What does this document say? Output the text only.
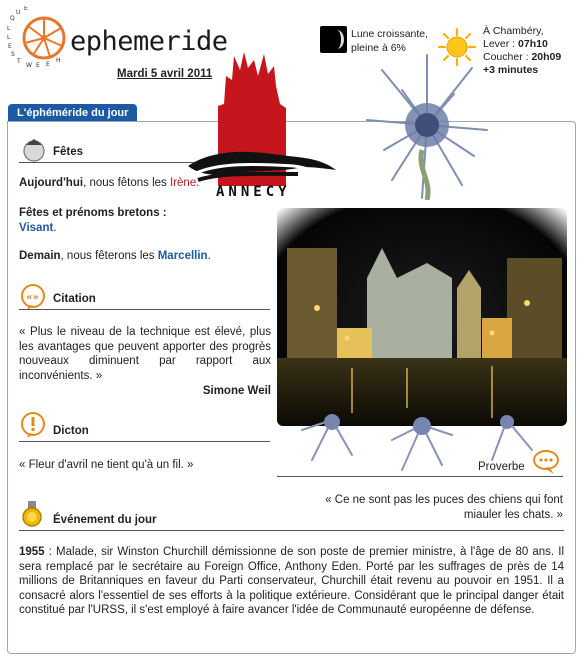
Q
U
E
L
L
E
S
T
W E E
H
ephemeride
Mardi 5 avril 2011
Lune croissante,
pleine à 6%
À Chambéry,
Lever : 07h10
Coucher : 20h09
+3 minutes
L'éphéméride du jour
Fêtes
Aujourd'hui, nous fêtons les Irène.
Fêtes et prénoms bretons :
Visant.
Demain, nous fêterons les Marcellin.
«» Citation
« Plus le niveau de la technique est élevé, plus les avantages que peuvent apporter des progrès nouveaux diminuent par rapport aux inconvénients. »
Simone Weil
Dicton
« Fleur d'avril ne tient qu'à un fil. »	Proverbe
« Ce ne sont pas les puces des chiens qui font
miauler les chats. »
Événement du jour
1955 : Malade, sir Winston Churchill démissionne de son poste de premier ministre, à l'âge de 80 ans. Il sera remplacé par le secrétaire au Foreign Office, Anthony Eden. Porté par les suffrages de près de 14 millions de Britanniques en faveur du Parti conservateur, Churchill était revenu au pouvoir en 1951. Il a consacré alors l'essentiel de ses efforts à la politique extérieure. Considérant que le principal danger était constitué par l'URSS, il s'est employé à faire avancer l'idée de Communauté européenne de défense.
ANNECY
